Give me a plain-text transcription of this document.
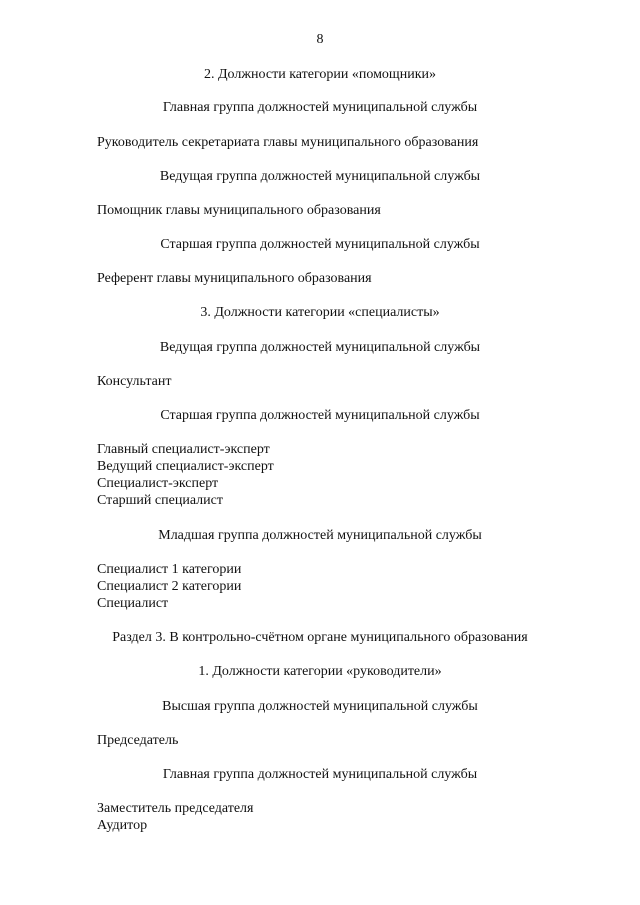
8
2. Должности категории «помощники»
Главная группа должностей муниципальной службы
Руководитель секретариата главы муниципального образования
Ведущая группа должностей муниципальной службы
Помощник главы муниципального образования
Старшая группа должностей муниципальной службы
Референт главы муниципального образования
3. Должности категории «специалисты»
Ведущая группа должностей муниципальной службы
Консультант
Старшая группа должностей муниципальной службы
Главный специалист-эксперт
Ведущий специалист-эксперт
Специалист-эксперт
Старший специалист
Младшая группа должностей муниципальной службы
Специалист 1 категории
Специалист 2 категории
Специалист
Раздел 3. В контрольно-счётном органе муниципального образования
1. Должности категории «руководители»
Высшая группа должностей муниципальной службы
Председатель
Главная группа должностей муниципальной службы
Заместитель председателя
Аудитор
